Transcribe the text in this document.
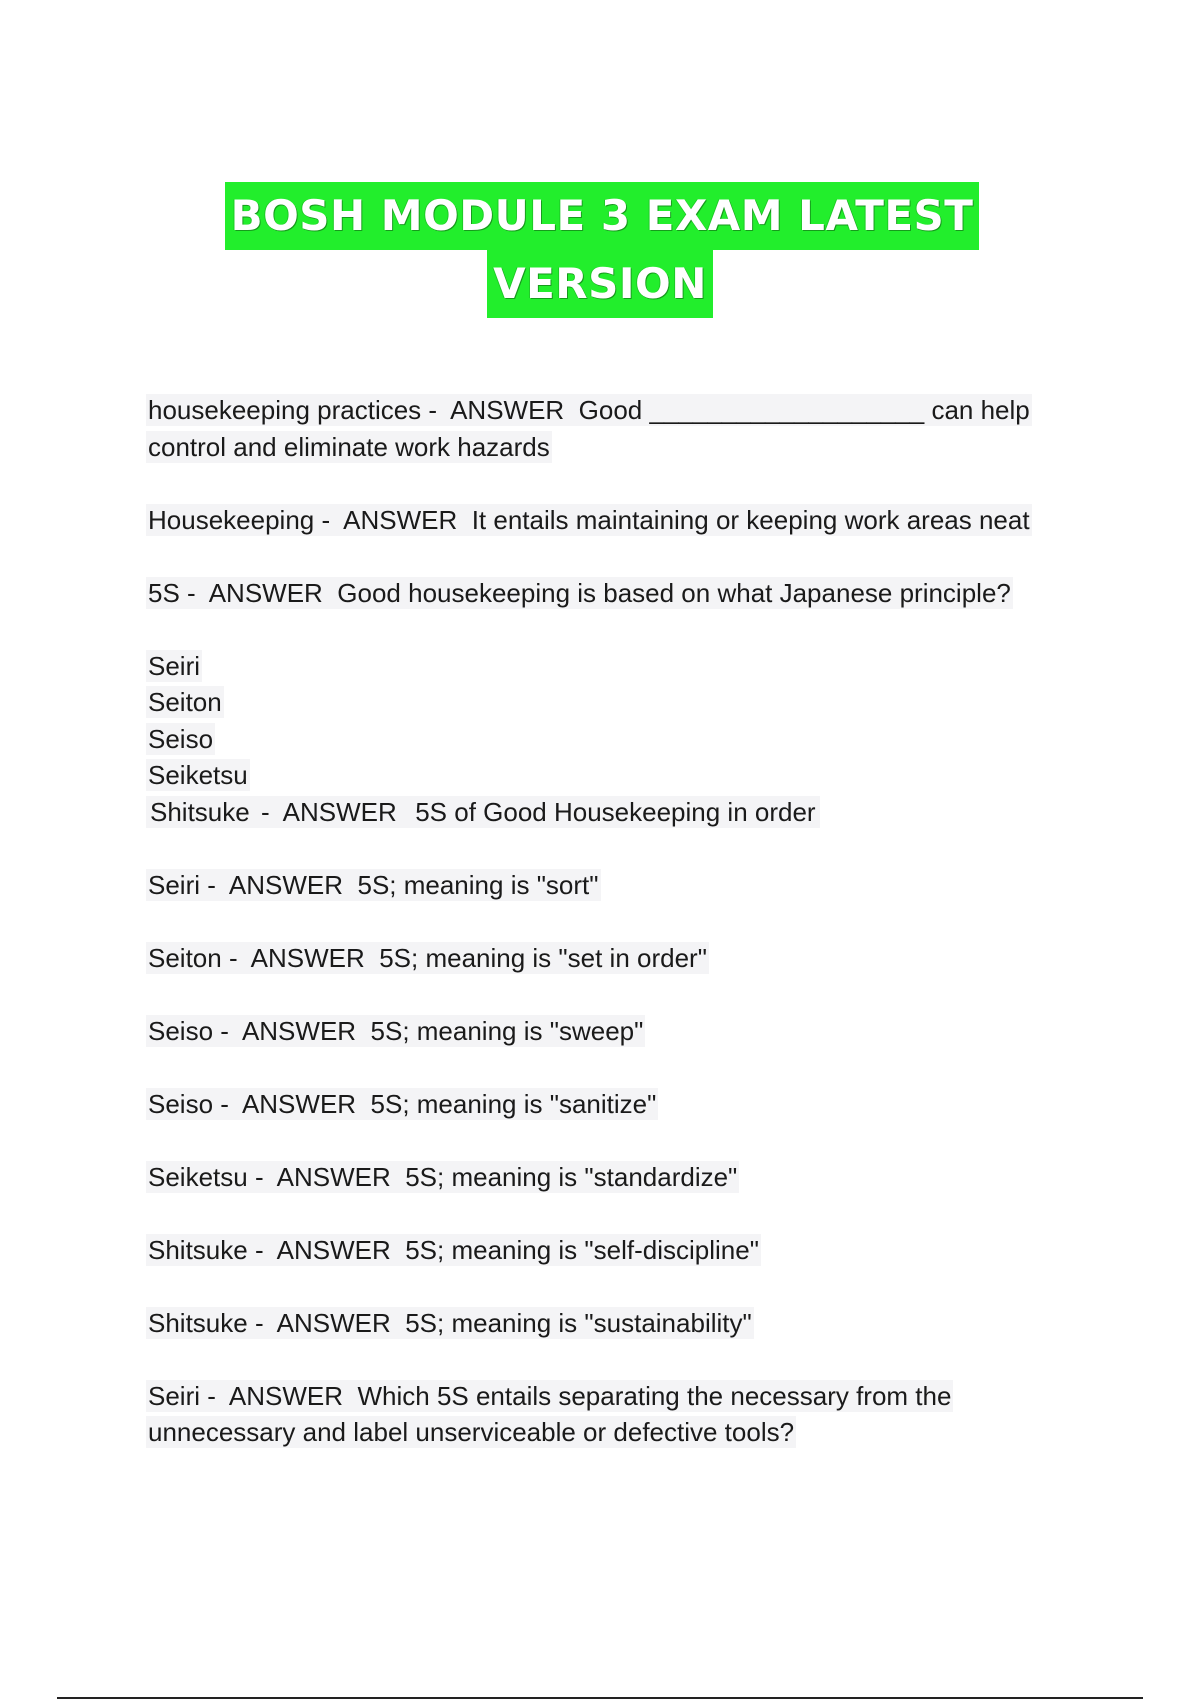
BOSH MODULE 3 EXAM LATEST
VERSION
housekeeping practices -  ANSWER  Good ___________________ can help control and eliminate work hazards
Housekeeping -  ANSWER  It entails maintaining or keeping work areas neat
5S -  ANSWER  Good housekeeping is based on what Japanese principle?
Seiri
Seiton
Seiso
Seiketsu
Shitsuke -  ANSWER  5S of Good Housekeeping in order
Seiri -  ANSWER  5S; meaning is "sort"
Seiton -  ANSWER  5S; meaning is "set in order"
Seiso -  ANSWER  5S; meaning is "sweep"
Seiso -  ANSWER  5S; meaning is "sanitize"
Seiketsu -  ANSWER  5S; meaning is "standardize"
Shitsuke -  ANSWER  5S; meaning is "self-discipline"
Shitsuke -  ANSWER  5S; meaning is "sustainability"
Seiri -  ANSWER  Which 5S entails separating the necessary from the unnecessary and label unserviceable or defective tools?
